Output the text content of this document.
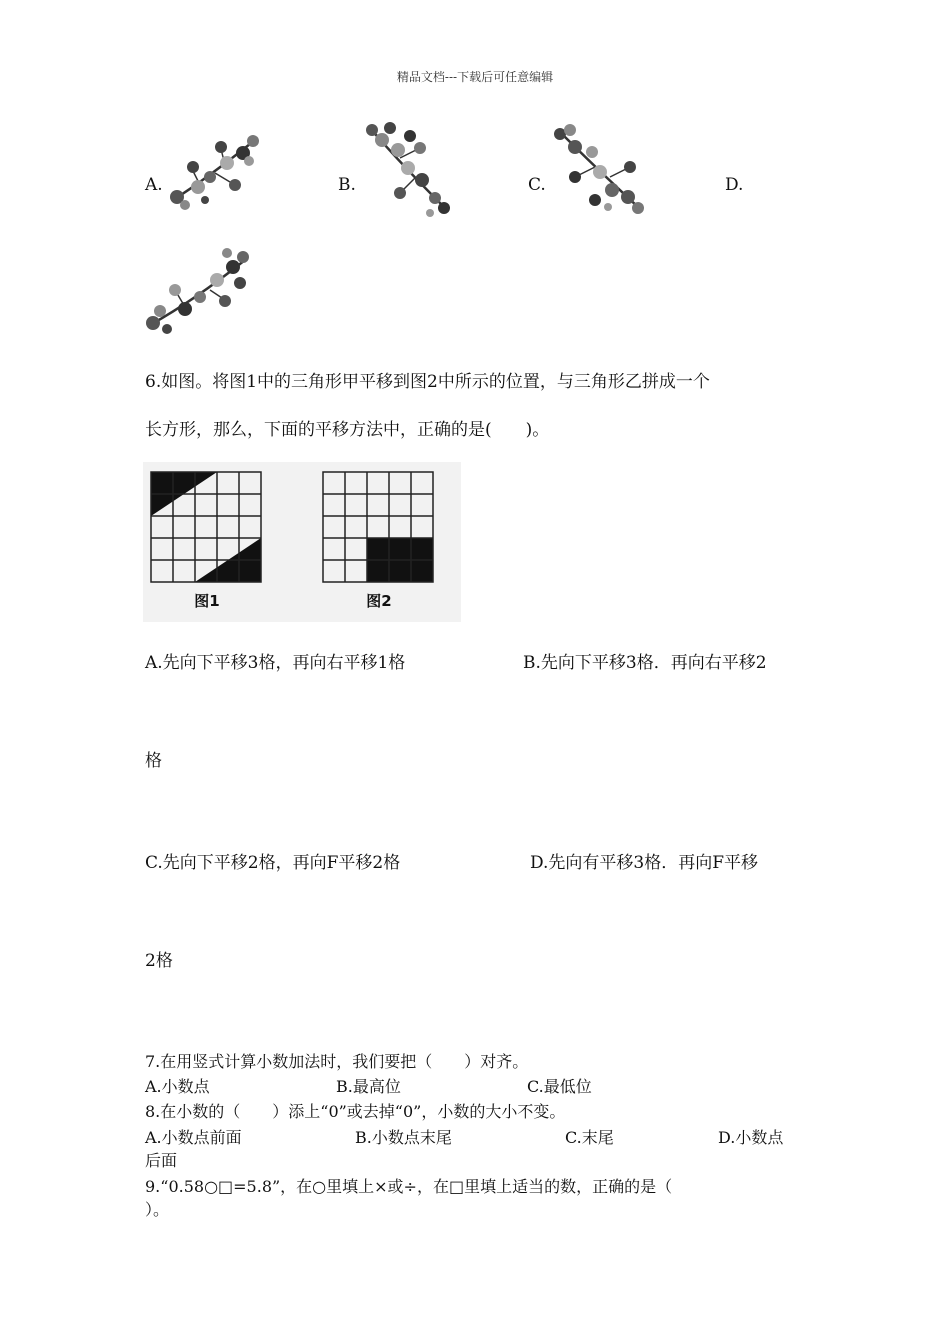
精品文档---下载后可任意编辑
A.	B.	C.	D.
6.如图。将图1中的三角形甲平移到图2中所示的位置，与三角形乙拼成一个
长方形，那么，下面的平移方法中，正确的是(　　)。
图1	图2
A.先向下平移3格，再向右平移1格	B.先向下平移3格．再向右平移2
格
C.先向下平移2格，再向F平移2格	D.先向有平移3格．再向F平移
2格
7.在用竖式计算小数加法时，我们要把（　　）对齐。
A.小数点	B.最高位	C.最低位
8.在小数的（　　）添上“0”或去掉“0”，小数的大小不变。
A.小数点前面	B.小数点末尾	C.末尾	D.小数点
后面
9.“0.58○□=5.8”，在○里填上×或÷，在□里填上适当的数，正确的是（
）。
